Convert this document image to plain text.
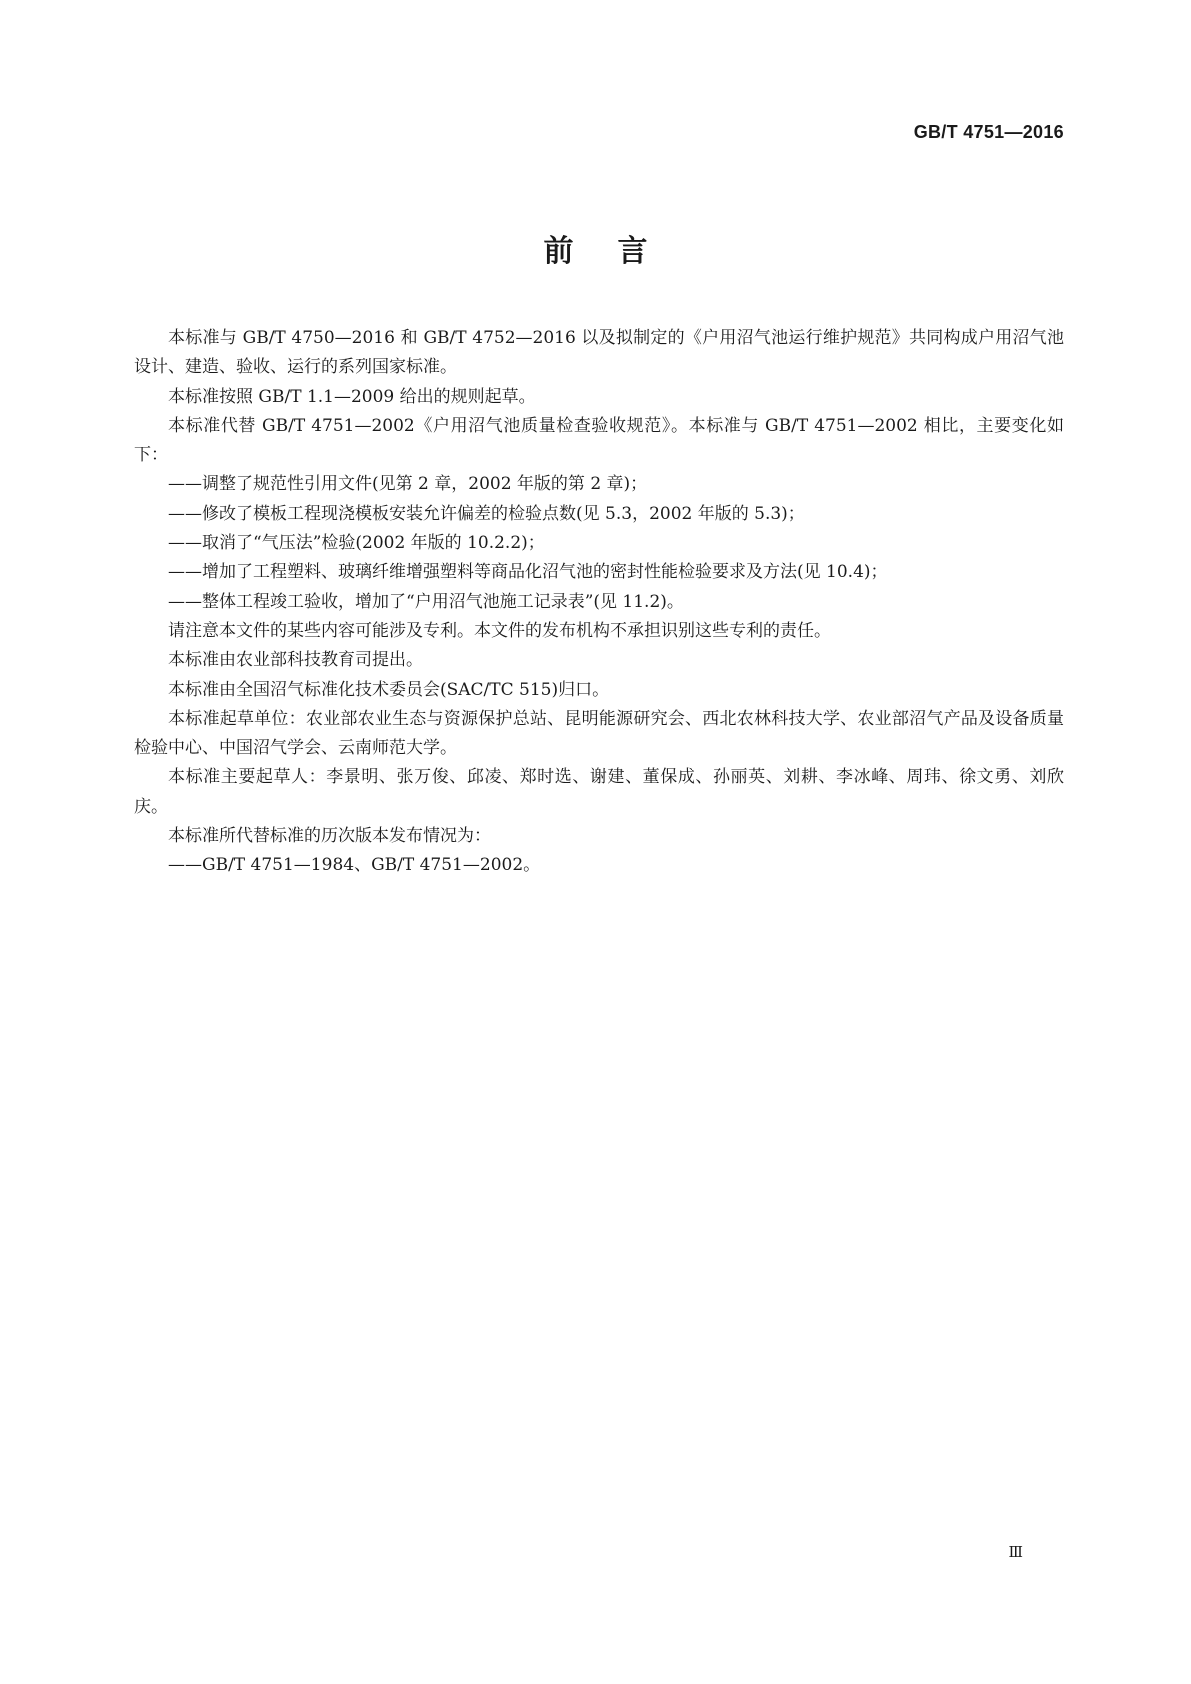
GB/T 4751—2016
前言

本标准与 GB/T 4750—2016 和 GB/T 4752—2016 以及拟制定的《户用沼气池运行维护规范》共同构成户用沼气池设计、建造、验收、运行的系列国家标准。

本标准按照 GB/T 1.1—2009 给出的规则起草。

本标准代替 GB/T 4751—2002《户用沼气池质量检查验收规范》。本标准与 GB/T 4751—2002 相比，主要变化如下：

——调整了规范性引用文件(见第 2 章，2002 年版的第 2 章)；

——修改了模板工程现浇模板安装允许偏差的检验点数(见 5.3，2002 年版的 5.3)；

——取消了“气压法”检验(2002 年版的 10.2.2)；

——增加了工程塑料、玻璃纤维增强塑料等商品化沼气池的密封性能检验要求及方法(见 10.4)；

——整体工程竣工验收，增加了“户用沼气池施工记录表”(见 11.2)。

请注意本文件的某些内容可能涉及专利。本文件的发布机构不承担识别这些专利的责任。

本标准由农业部科技教育司提出。

本标准由全国沼气标准化技术委员会(SAC/TC 515)归口。

本标准起草单位：农业部农业生态与资源保护总站、昆明能源研究会、西北农林科技大学、农业部沼气产品及设备质量检验中心、中国沼气学会、云南师范大学。

本标准主要起草人：李景明、张万俊、邱凌、郑时选、谢建、董保成、孙丽英、刘耕、李冰峰、周玮、徐文勇、刘欣庆。

本标准所代替标准的历次版本发布情况为：

——GB/T 4751—1984、GB/T 4751—2002。

Ⅲ
